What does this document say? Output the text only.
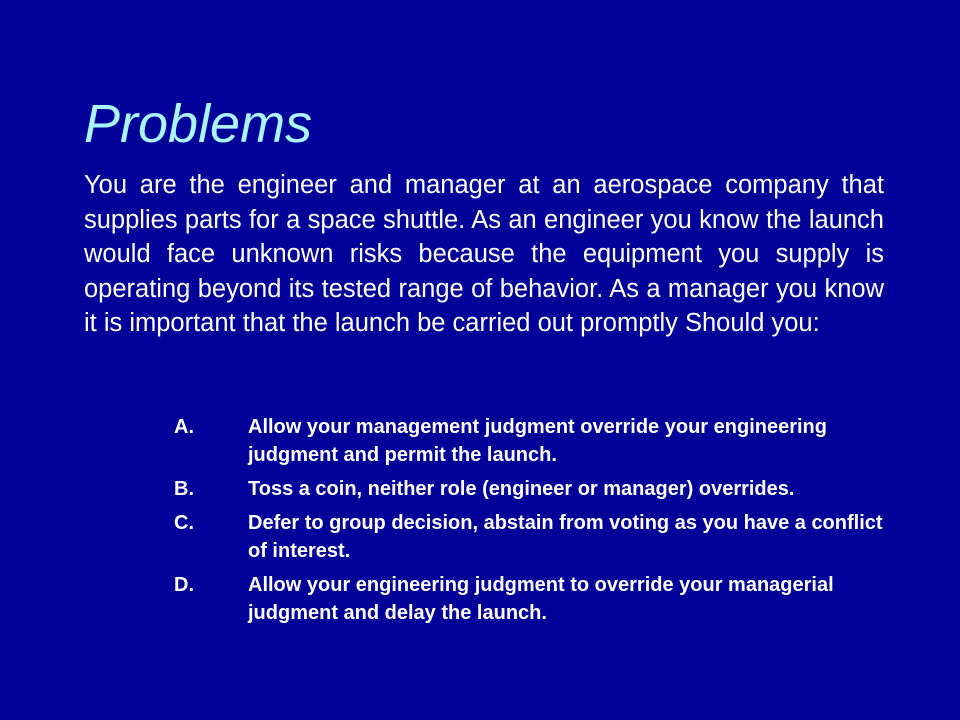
Problems
You are the engineer and manager at an aerospace company that supplies parts for a space shuttle. As an engineer you know the launch would face unknown risks because the equipment you supply is operating beyond its tested range of behavior. As a manager you know it is important that the launch be carried out promptly Should you:
A.	Allow your management judgment override your engineering judgment and permit the launch.
B.	Toss a coin, neither role (engineer or manager) overrides.
C.	Defer to group decision, abstain from voting as you have a conflict of interest.
D.	Allow your engineering judgment to override your managerial judgment and delay the launch.
